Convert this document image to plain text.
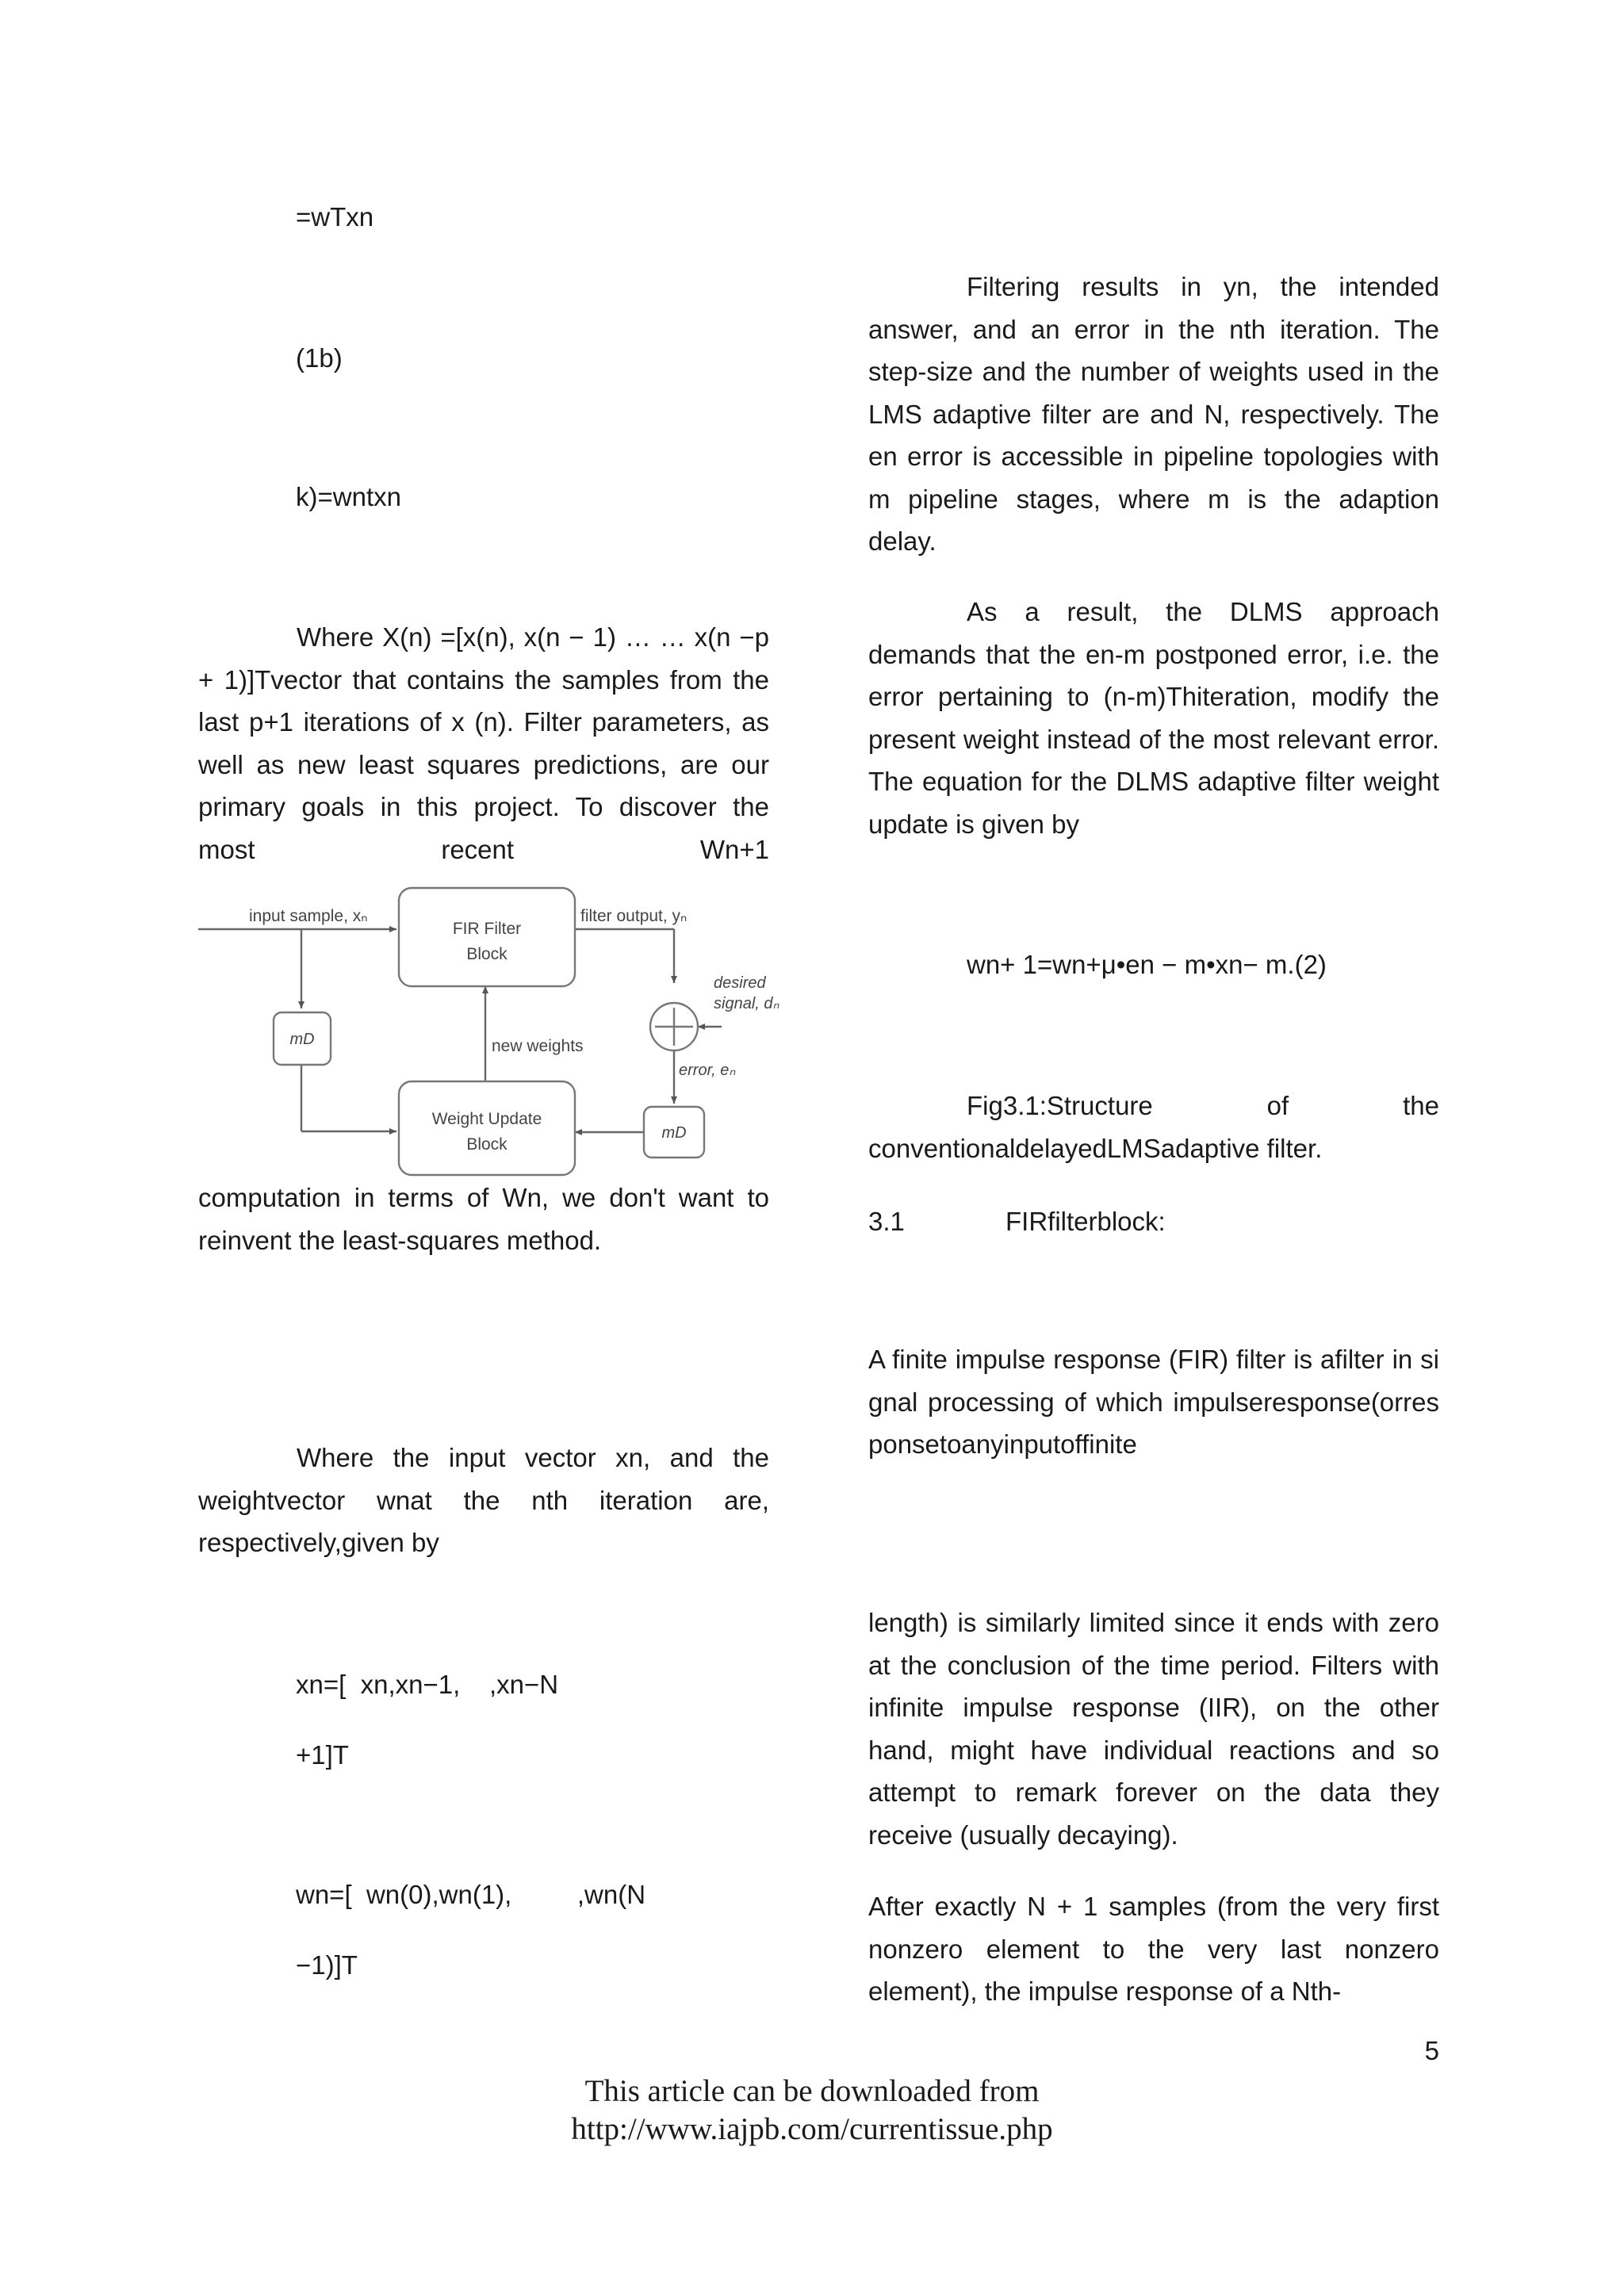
=wTxn

(1b)

k)=wntxn

Where X(n) =[x(n), x(n − 1) … … x(n −p + 1)]Tvector that contains the samples from the last p+1 iterations of x (n). Filter parameters, as well as new least squares predictions, are our primary goals in this project. To discover the most recent Wn+1

FIR Filter
Block
Weight Update
Block
mD
mD
input sample, xₙ	filter output, yₙ
desired
signal, dₙ
new weights
error, eₙ

computation in terms of Wn, we don't want to reinvent the least-squares method.

Where the input vector xn, and the weightvector wnat the nth iteration are, respectively,given by

xn=[  xn,xn−1,    ,xn−N

+1]T

wn=[  wn(0),wn(1),         ,wn(N

−1)]T

Filtering results in yn, the intended answer, and an error in the nth iteration. The step-size and the number of weights used in the LMS adaptive filter are and N, respectively. The en error is accessible in pipeline topologies with m pipeline stages, where m is the adaption delay.

As a result, the DLMS approach demands that the en-m postponed error, i.e. the error pertaining to (n-m)Thiteration, modify the present weight instead of the most relevant error. The equation for the DLMS adaptive filter weight update is given by

wn+ 1=wn+μ•en − m•xn− m.(2)

Fig3.1:Structure of the

conventionaldelayedLMSadaptive filter.

3.1	FIRfilterblock:

A finite impulse response (FIR) filter is afilter in signal processing of which impulseresponse(orresponsetoanyinputoffinite

length) is similarly limited since it ends with zero at the conclusion of the time period. Filters with infinite impulse response (IIR), on the other hand, might have individual reactions and so attempt to remark forever on the data they receive (usually decaying).

After exactly N + 1 samples (from the very first nonzero element to the very last nonzero element), the impulse response of a Nth-

5

This article can be downloaded from
http://www.iajpb.com/currentissue.php
